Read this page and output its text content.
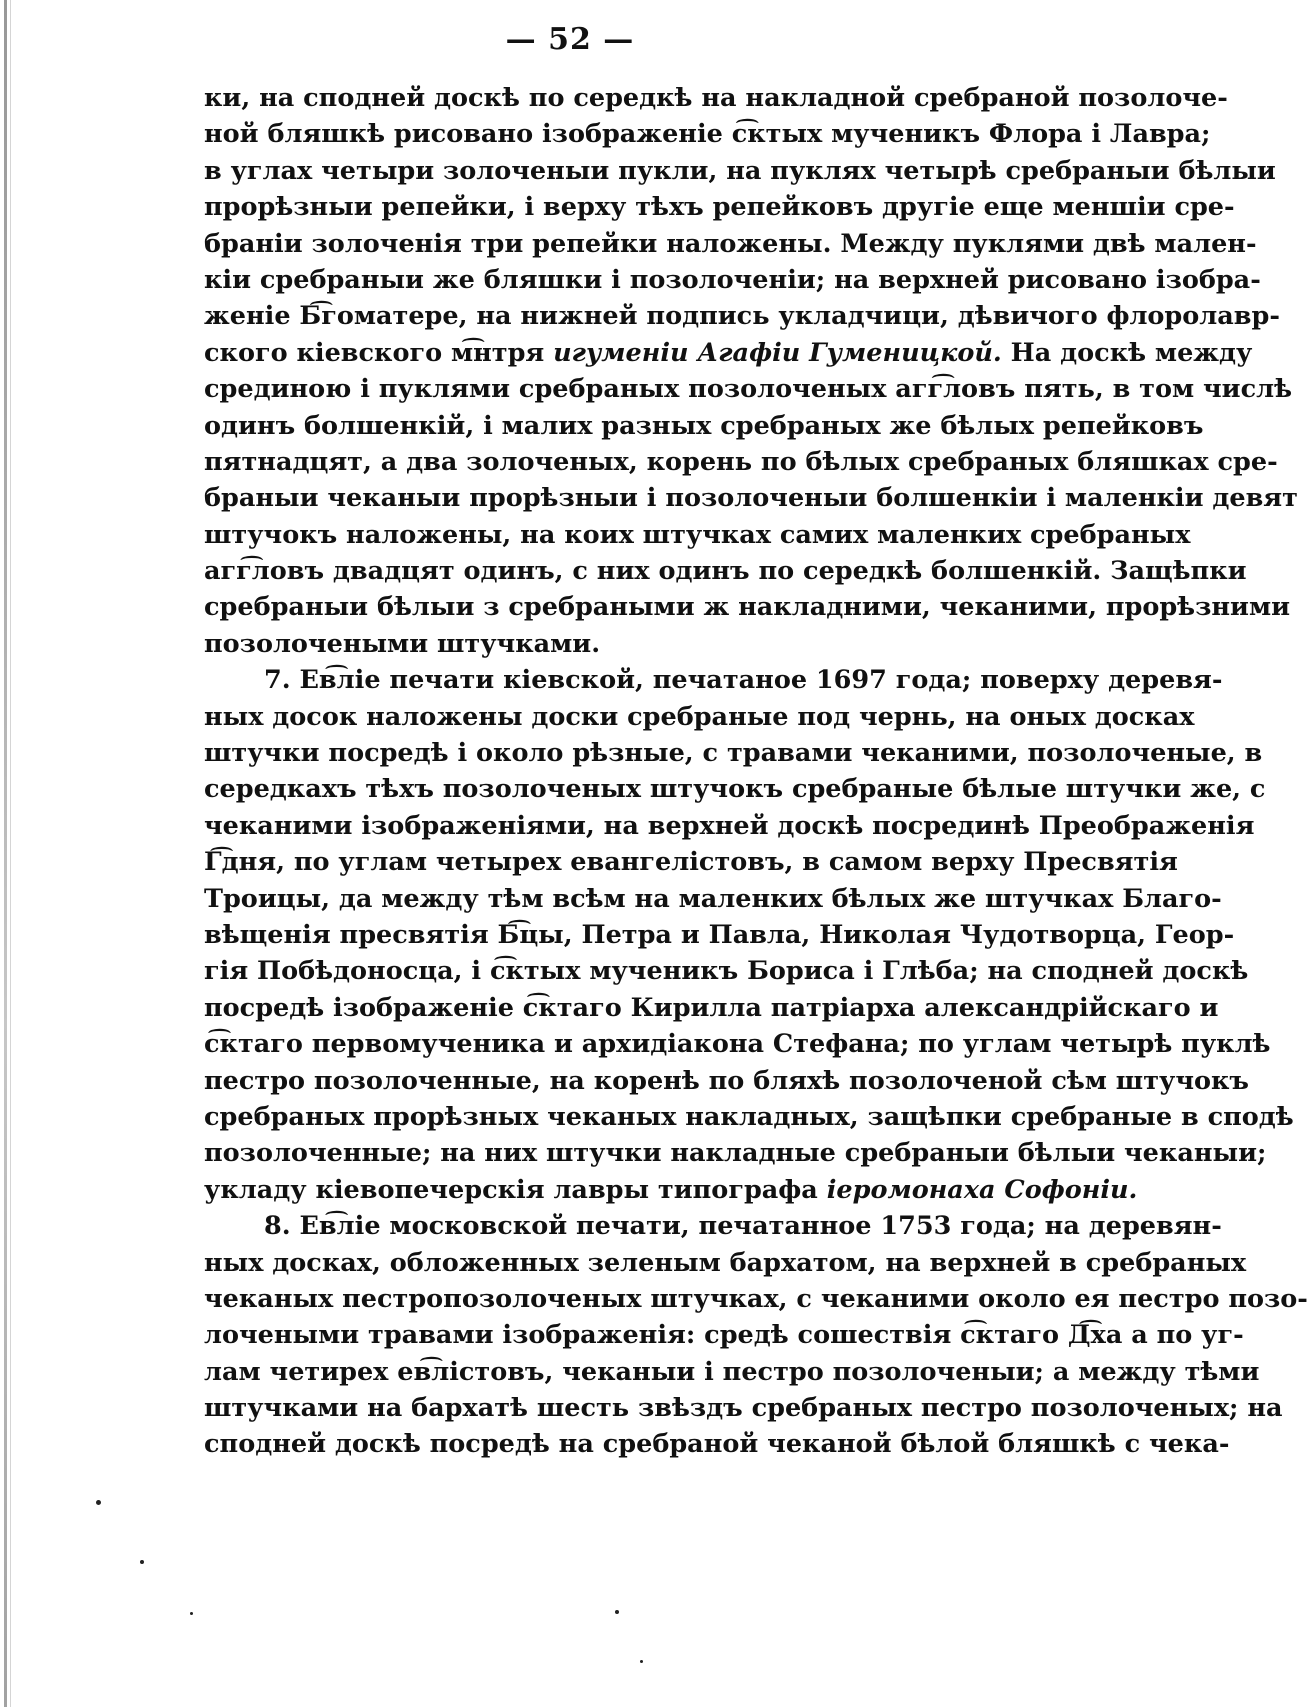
— 52 —
ки, на сподней доскѣ по середкѣ на накладной сребраной позолоче-
ной бляшкѣ рисовано ізображеніе с͡ктых мученикъ Флора і Лавра;
в углах четыри золоченыи пукли, на пуклях четырѣ сребраныи бѣлыи
прорѣзныи репейки, і верху тѣхъ репейковъ другіе еще меншіи сре-
браніи золоченія три репейки наложены. Между пуклями двѣ мален-
кіи сребраныи же бляшки і позолоченіи; на верхней рисовано ізобра-
женіе Б͡гоматере, на нижней подпись укладчици, дѣвичого флоролавр-
ского кіевского м͡нтря игуменіи Агафіи Гуменицкой. На доскѣ между
срединою і пуклями сребраных позолоченых агг͡ловъ пять, в том числѣ
одинъ болшенкій, і малих разных сребраных же бѣлых репейковъ
пятнадцят, а два золоченых, корень по бѣлых сребраных бляшках сре-
браныи чеканыи прорѣзныи і позолоченыи болшенкіи і маленкіи девят
штучокъ наложены, на коих штучках самих маленких сребраных
агг͡ловъ двадцят одинъ, с них одинъ по середкѣ болшенкій. Защѣпки
сребраныи бѣлыи з сребраными ж накладними, чеканими, прорѣзними
позолочеными штучками.
7. Ев͡ліе печати кіевской, печатаное 1697 года; поверху деревя-
ных досок наложены доски сребраные под чернь, на оных досках
штучки посредѣ і около рѣзные, с травами чеканими, позолоченые, в
середкахъ тѣхъ позолоченых штучокъ сребраные бѣлые штучки же, с
чеканими ізображеніями, на верхней доскѣ посрединѣ Преображенія
Г͡дня, по углам четырех евангелістовъ, в самом верху Пресвятія
Троицы, да между тѣм всѣм на маленких бѣлых же штучках Благо-
вѣщенія пресвятія Б͡цы, Петра и Павла, Николая Чудотворца, Геор-
гія Побѣдоносца, і с͡ктых мученикъ Бориса і Глѣба; на сподней доскѣ
посредѣ ізображеніе с͡ктаго Кирилла патріарха александрійскаго и
с͡ктаго первомученика и архидіакона Стефана; по углам четырѣ пуклѣ
пестро позолоченные, на коренѣ по бляхѣ позолоченой сѣм штучокъ
сребраных прорѣзных чеканых накладных, защѣпки сребраные в сподѣ
позолоченные; на них штучки накладные сребраныи бѣлыи чеканыи;
укладу кіевопечерскія лавры типографа іеромонаха Софоніи.
8. Ев͡ліе московской печати, печатанное 1753 года; на деревян-
ных досках, обложенных зеленым бархатом, на верхней в сребраных
чеканых пестропозолоченых штучках, с чеканими около ея пестро позо-
лочеными травами ізображенія: средѣ сошествія с͡ктаго Д͡ха а по уг-
лам четирех ев͡лістовъ, чеканыи і пестро позолоченыи; а между тѣми
штучками на бархатѣ шесть звѣздъ сребраных пестро позолоченых; на
сподней доскѣ посредѣ на сребраной чеканой бѣлой бляшкѣ с чека-
